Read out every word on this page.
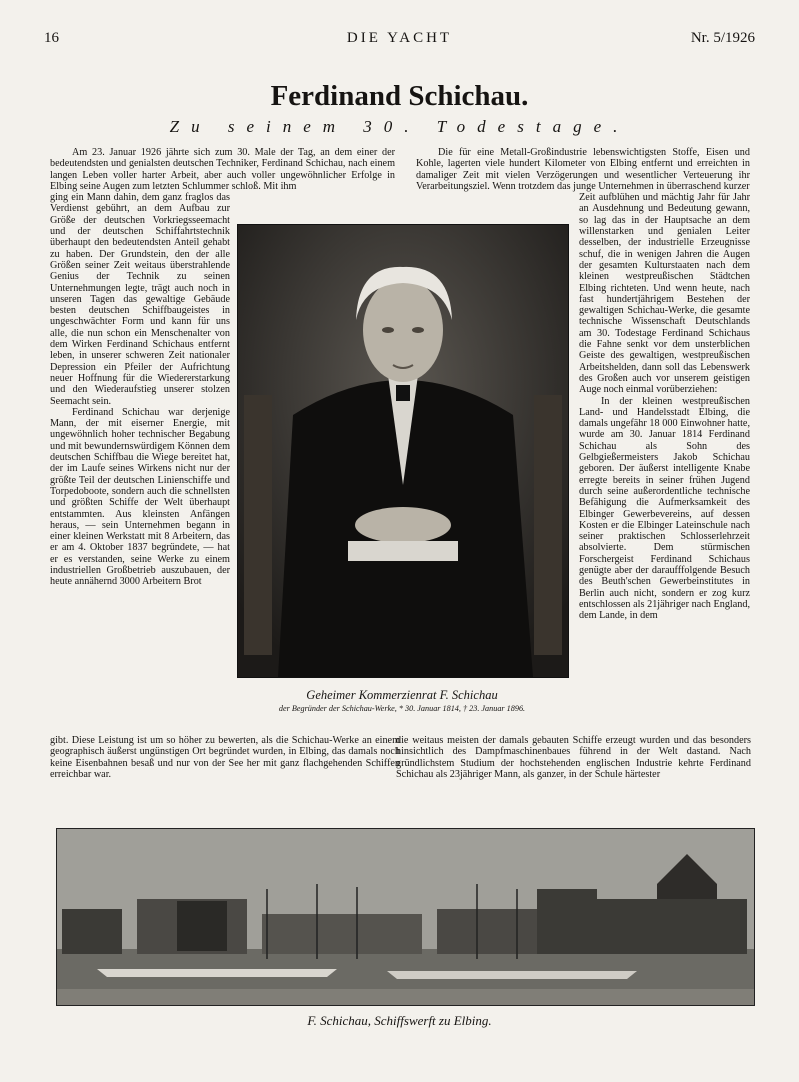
16	DIE YACHT	Nr. 5/1926
Ferdinand Schichau.
Zu seinem 30. Todestage.

Am 23. Januar 1926 jährte sich zum 30. Male der Tag, an dem einer der bedeutendsten und genialsten deutschen Techniker, Ferdinand Schichau, nach einem langen Leben voller harter Arbeit, aber auch voller ungewöhnlicher Erfolge in Elbing seine Augen zum letzten Schlummer schloß. Mit ihm

ging ein Mann dahin, dem ganz fraglos das Verdienst gebührt, an dem Aufbau zur Größe der deutschen Vorkriegsseemacht und der deutschen Schiffahrtstechnik überhaupt den bedeutendsten Anteil gehabt zu haben. Der Grundstein, den der alle Größen seiner Zeit weitaus überstrahlende Genius der Technik zu seinen Unternehmungen legte, trägt auch noch in unseren Tagen das gewaltige Gebäude besten deutschen Schiffbaugeistes in ungeschwächter Form und kann für uns alle, die nun schon ein Menschenalter von dem Wirken Ferdinand Schichaus entfernt leben, in unserer schweren Zeit nationaler Depression ein Pfeiler der Aufrichtung neuer Hoffnung für die Wiedererstarkung und den Wiederaufstieg unserer stolzen Seemacht sein.

Ferdinand Schichau war derjenige Mann, der mit eiserner Energie, mit ungewöhnlich hoher technischer Begabung und mit bewundernswürdigem Können dem deutschen Schiffbau die Wiege bereitet hat, der im Laufe seines Wirkens nicht nur der größte Teil der deutschen Linienschiffe und Torpedoboote, sondern auch die schnellsten und größten Schiffe der Welt überhaupt entstammten. Aus kleinsten Anfängen heraus, — sein Unternehmen begann in einer kleinen Werkstatt mit 8 Arbeitern, das er am 4. Oktober 1837 begründete, — hat er es verstanden, seine Werke zu einem industriellen Großbetrieb auszubauen, der heute annähernd 3000 Arbeitern Brot

Die für eine Metall-Großindustrie lebenswichtigsten Stoffe, Eisen und Kohle, lagerten viele hundert Kilometer von Elbing entfernt und erreichten in damaliger Zeit mit vielen Verzögerungen und wesentlicher Verteuerung ihr Verarbeitungsziel. Wenn trotzdem das junge Unternehmen in überraschend kurzer

Zeit aufblühen und mächtig Jahr für Jahr an Ausdehnung und Bedeutung gewann, so lag das in der Hauptsache an dem willenstarken und genialen Leiter desselben, der industrielle Erzeugnisse schuf, die in wenigen Jahren die Augen der gesamten Kulturstaaten nach dem kleinen westpreußischen Städtchen Elbing richteten. Und wenn heute, nach fast hundertjährigem Bestehen der gewaltigen Schichau-Werke, die gesamte technische Wissenschaft Deutschlands am 30. Todestage Ferdinand Schichaus die Fahne senkt vor dem unsterblichen Geiste des gewaltigen, westpreußischen Arbeitshelden, dann soll das Lebenswerk des Großen auch vor unserem geistigen Auge noch einmal vorüberziehen:

In der kleinen westpreußischen Land- und Handelsstadt Elbing, die damals ungefähr 18 000 Einwohner hatte, wurde am 30. Januar 1814 Ferdinand Schichau als Sohn des Gelbgießermeisters Jakob Schichau geboren. Der äußerst intelligente Knabe erregte bereits in seiner frühen Jugend durch seine außerordentliche technische Befähigung die Aufmerksamkeit des Elbinger Gewerbevereins, auf dessen Kosten er die Elbinger Lateinschule nach seiner praktischen Schlosserlehrzeit absolvierte. Dem stürmischen Forschergeist Ferdinand Schichaus genügte aber der daraufffolgende Besuch des Beuth'schen Gewerbeinstitutes in Berlin auch nicht, sondern er zog kurz entschlossen als 21jähriger nach England, dem Lande, in dem

Geheimer Kommerzienrat F. Schichau
der Begründer der Schichau-Werke, * 30. Januar 1814, † 23. Januar 1896.
gibt. Diese Leistung ist um so höher zu bewerten, als die Schichau-Werke an einem geographisch äußerst ungünstigen Ort begründet wurden, in Elbing, das damals noch keine Eisenbahnen besaß und nur von der See her mit ganz flachgehenden Schiffen erreichbar war.
die weitaus meisten der damals gebauten Schiffe erzeugt wurden und das besonders hinsichtlich des Dampfmaschinenbaues führend in der Welt dastand. Nach gründlichstem Studium der hochstehenden englischen Industrie kehrte Ferdinand Schichau als 23jähriger Mann, als ganzer, in der Schule härtester
F. Schichau, Schiffswerft zu Elbing.
